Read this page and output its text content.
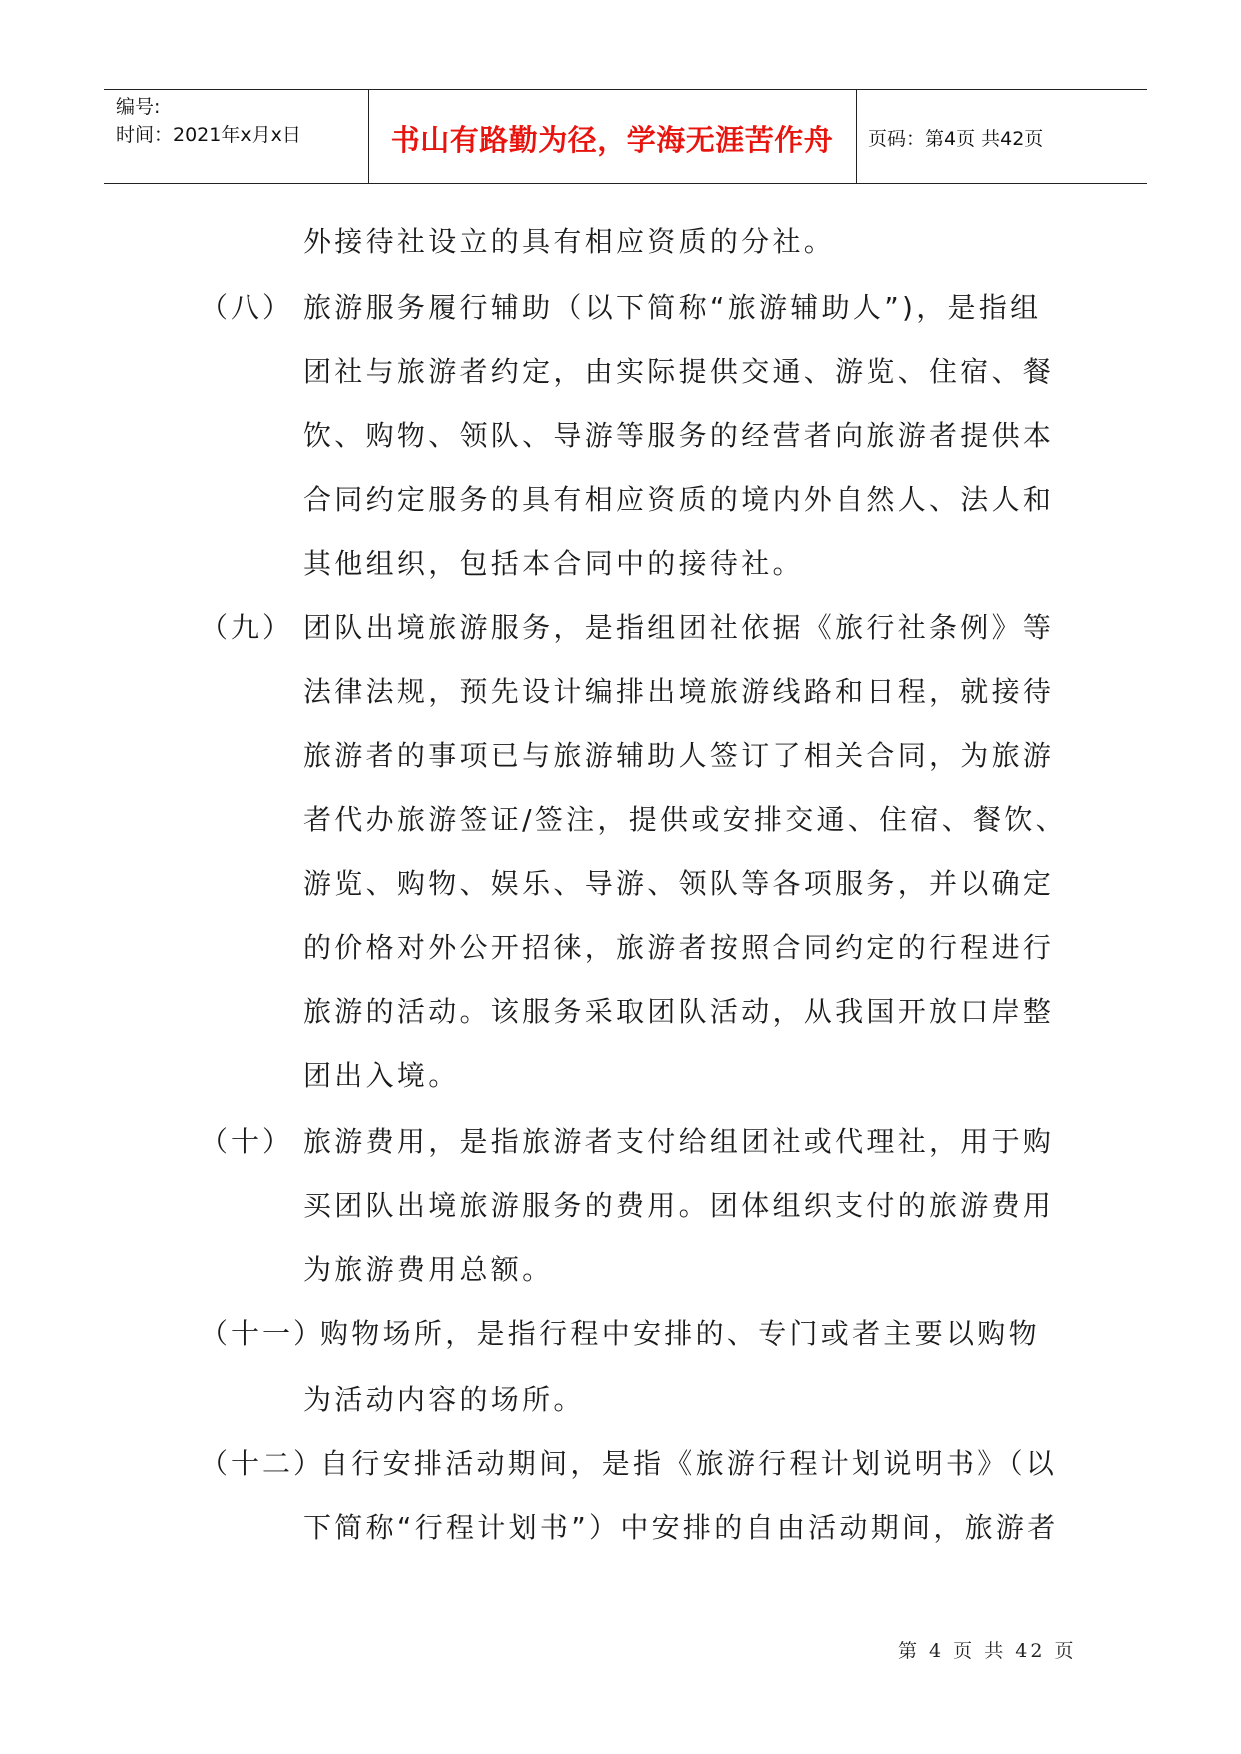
编号:
时间：2021年x月x日	书山有路勤为径，学海无涯苦作舟	页码：第4页 共42页
外接待社设立的具有相应资质的分社。
（八） 旅游服务履行辅助（以下简称“旅游辅助人”)，是指组
团社与旅游者约定，由实际提供交通、游览、住宿、餐
饮、购物、领队、导游等服务的经营者向旅游者提供本
合同约定服务的具有相应资质的境内外自然人、法人和
其他组织，包括本合同中的接待社。
（九） 团队出境旅游服务，是指组团社依据《旅行社条例》等
法律法规，预先设计编排出境旅游线路和日程，就接待
旅游者的事项已与旅游辅助人签订了相关合同，为旅游
者代办旅游签证/签注，提供或安排交通、住宿、餐饮、
游览、购物、娱乐、导游、领队等各项服务，并以确定
的价格对外公开招徕，旅游者按照合同约定的行程进行
旅游的活动。该服务采取团队活动，从我国开放口岸整
团出入境。
（十） 旅游费用，是指旅游者支付给组团社或代理社，用于购
买团队出境旅游服务的费用。团体组织支付的旅游费用
为旅游费用总额。
（十一）
购物场所，是指行程中安排的、专门或者主要以购物
为活动内容的场所。
（十二）
自行安排活动期间，是指《旅游行程计划说明书》（以
下简称“行程计划书”）中安排的自由活动期间，旅游者
第 4 页 共 42 页
